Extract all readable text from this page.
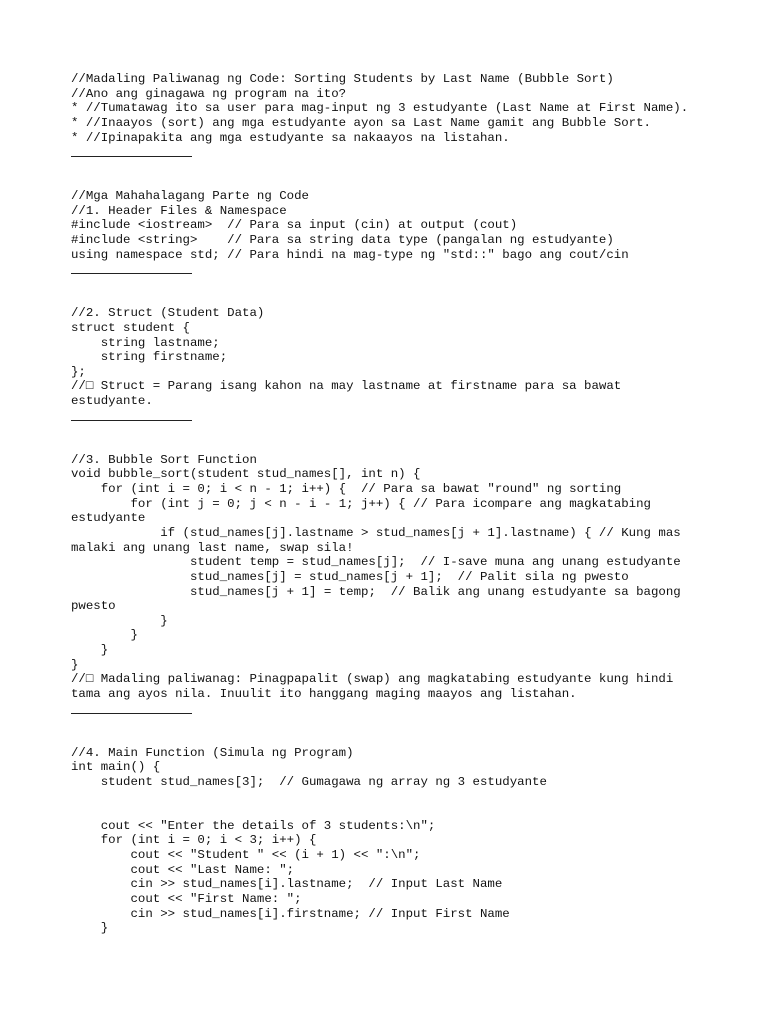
//Madaling Paliwanag ng Code: Sorting Students by Last Name (Bubble Sort)
//Ano ang ginagawa ng program na ito?
* //Tumatawag ito sa user para mag-input ng 3 estudyante (Last Name at First Name).
* //Inaayos (sort) ang mga estudyante ayon sa Last Name gamit ang Bubble Sort.
* //Ipinapakita ang mga estudyante sa nakaayos na listahan.
//Mga Mahahalagang Parte ng Code
//1. Header Files & Namespace
#include <iostream>  // Para sa input (cin) at output (cout)
#include <string>    // Para sa string data type (pangalan ng estudyante)
using namespace std; // Para hindi na mag-type ng "std::" bago ang cout/cin
//2. Struct (Student Data)
struct student {
string lastname;
string firstname;
};
//□ Struct = Parang isang kahon na may lastname at firstname para sa bawat estudyante.
//3. Bubble Sort Function
void bubble_sort(student stud_names[], int n) {
for (int i = 0; i < n - 1; i++) {  // Para sa bawat "round" ng sorting
for (int j = 0; j < n - i - 1; j++) { // Para icompare ang magkatabing estudyante
if (stud_names[j].lastname > stud_names[j + 1].lastname) { // Kung mas malaki ang unang last name, swap sila!
student temp = stud_names[j];  // I-save muna ang unang estudyante
stud_names[j] = stud_names[j + 1];  // Palit sila ng pwesto
stud_names[j + 1] = temp;  // Balik ang unang estudyante sa bagong pwesto
}
}
}
}
//□ Madaling paliwanag: Pinagpapalit (swap) ang magkatabing estudyante kung hindi tama ang ayos nila. Inuulit ito hanggang maging maayos ang listahan.
//4. Main Function (Simula ng Program)
int main() {
student stud_names[3];  // Gumagawa ng array ng 3 estudyante
cout << "Enter the details of 3 students:\n";
for (int i = 0; i < 3; i++) {
cout << "Student " << (i + 1) << ":\n";
cout << "Last Name: ";
cin >> stud_names[i].lastname;  // Input Last Name
cout << "First Name: ";
cin >> stud_names[i].firstname; // Input First Name
}
